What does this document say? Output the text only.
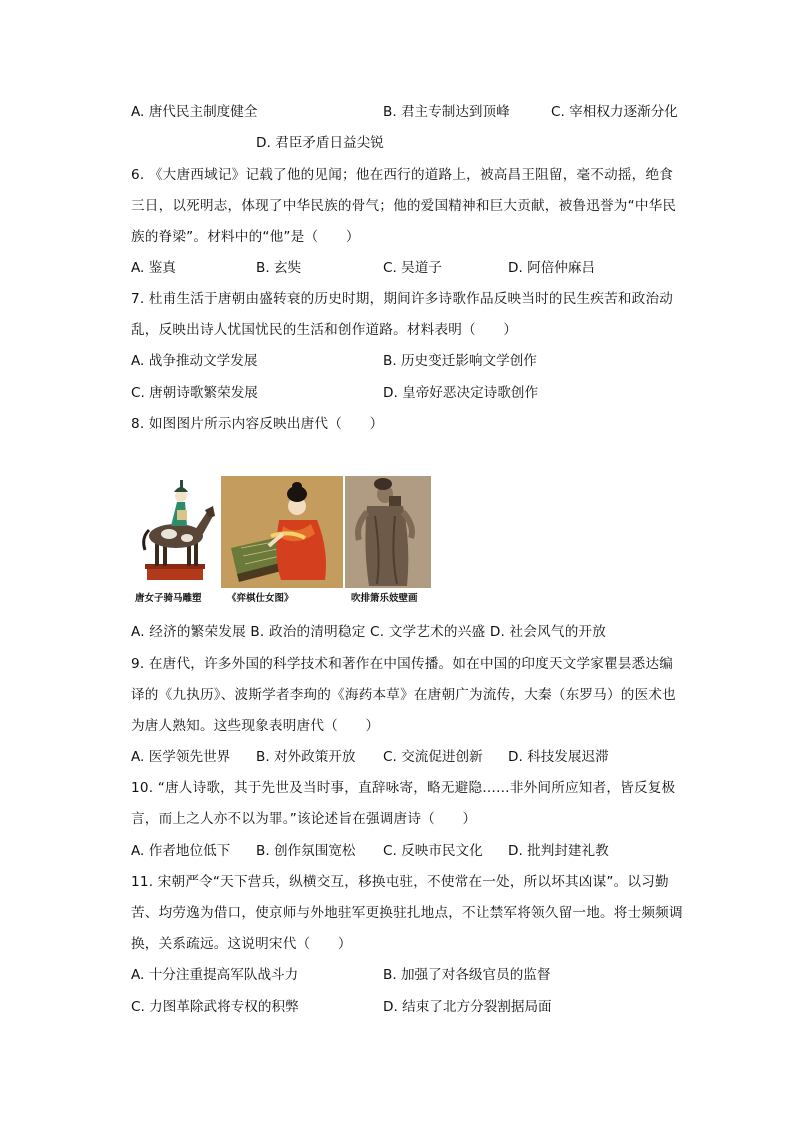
A. 唐代民主制度健全	B. 君主专制达到顶峰	C. 宰相权力逐渐分化
D. 君臣矛盾日益尖锐
6. 《大唐西域记》记载了他的见闻；他在西行的道路上，被高昌王阻留，毫不动摇，绝食
三日，以死明志，体现了中华民族的骨气；他的爱国精神和巨大贡献，被鲁迅誉为“中华民
族的脊梁”。材料中的“他”是（　　）
A. 鉴真	B. 玄奘	C. 吴道子	D. 阿倍仲麻吕
7. 杜甫生活于唐朝由盛转衰的历史时期，期间许多诗歌作品反映当时的民生疾苦和政治动
乱，反映出诗人忧国忧民的生活和创作道路。材料表明（　　）
A. 战争推动文学发展	B. 历史变迁影响文学创作
C. 唐朝诗歌繁荣发展	D. 皇帝好恶决定诗歌创作
8. 如图图片所示内容反映出唐代（　　）
唐女子骑马雕塑	《弈棋仕女图》	吹排箫乐妓壁画
A. 经济的繁荣发展 B. 政治的清明稳定 C. 文学艺术的兴盛 D. 社会风气的开放
9. 在唐代，许多外国的科学技术和著作在中国传播。如在中国的印度天文学家瞿昙悉达编
译的《九执历》、波斯学者李珣的《海药本草》在唐朝广为流传，大秦（东罗马）的医术也
为唐人熟知。这些现象表明唐代（　　）
A. 医学领先世界 B. 对外政策开放 C. 交流促进创新 D. 科技发展迟滞
10. “唐人诗歌，其于先世及当时事，直辞咏寄，略无避隐……非外间所应知者，皆反复极
言，而上之人亦不以为罪。”该论述旨在强调唐诗（　　）
A. 作者地位低下 B. 创作氛围宽松 C. 反映市民文化 D. 批判封建礼教
11. 宋朝严令“天下营兵，纵横交互，移换屯驻，不使常在一处，所以坏其凶谋”。以习勤
苦、均劳逸为借口，使京师与外地驻军更换驻扎地点，不让禁军将领久留一地。将士频频调
换，关系疏远。这说明宋代（　　）
A. 十分注重提高军队战斗力	B. 加强了对各级官员的监督
C. 力图革除武将专权的积弊	D. 结束了北方分裂割据局面
